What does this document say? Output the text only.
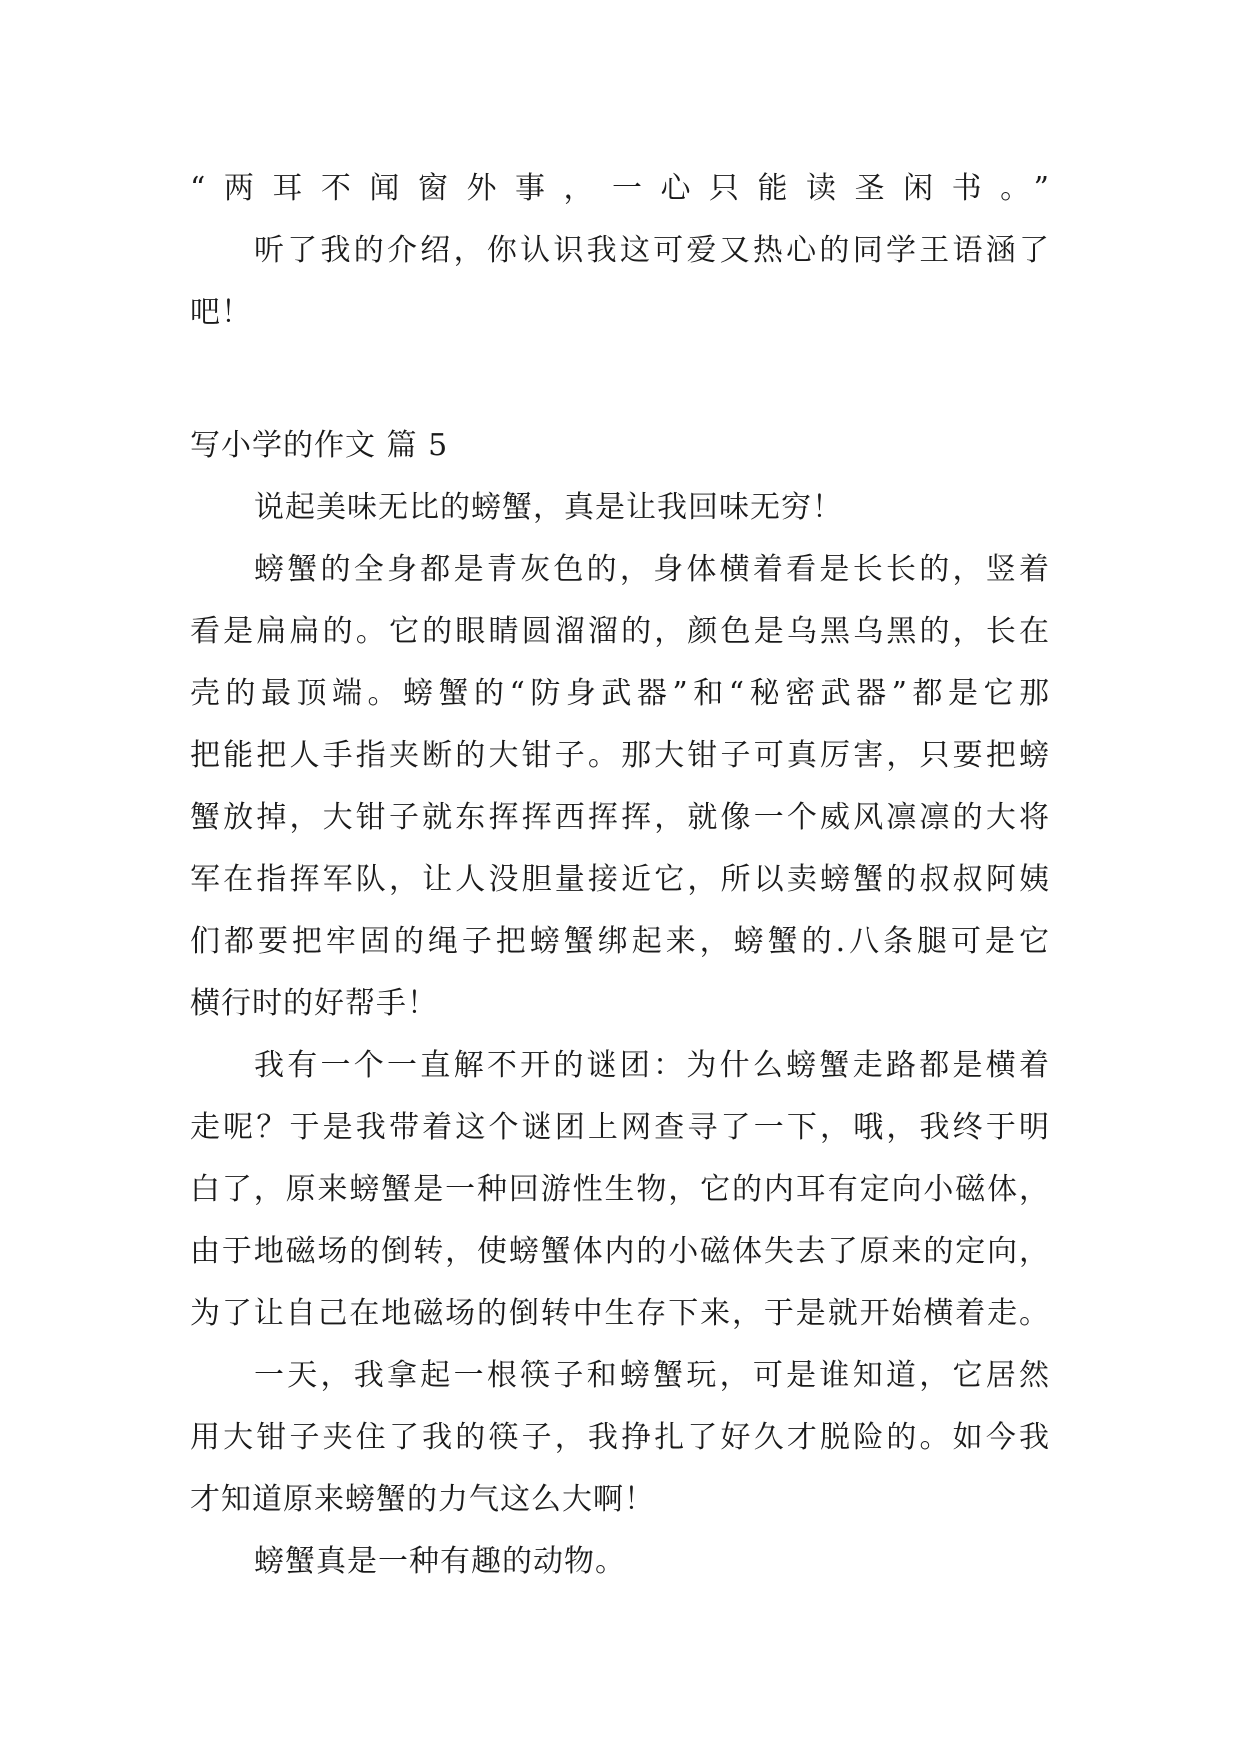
“两耳不闻窗外事，一心只能读圣闲书。”
听了我的介绍，你认识我这可爱又热心的同学王语涵了
吧！
写小学的作文 篇 5
说起美味无比的螃蟹，真是让我回味无穷！
螃蟹的全身都是青灰色的，身体横着看是长长的，竖着
看是扁扁的。它的眼睛圆溜溜的，颜色是乌黑乌黑的，长在
壳的最顶端。螃蟹的“防身武器”和“秘密武器”都是它那
把能把人手指夹断的大钳子。那大钳子可真厉害，只要把螃
蟹放掉，大钳子就东挥挥西挥挥，就像一个威风凛凛的大将
军在指挥军队，让人没胆量接近它，所以卖螃蟹的叔叔阿姨
们都要把牢固的绳子把螃蟹绑起来，螃蟹的.八条腿可是它
横行时的好帮手！
我有一个一直解不开的谜团：为什么螃蟹走路都是横着
走呢？于是我带着这个谜团上网查寻了一下，哦，我终于明
白了，原来螃蟹是一种回游性生物，它的内耳有定向小磁体，
由于地磁场的倒转，使螃蟹体内的小磁体失去了原来的定向，
为了让自己在地磁场的倒转中生存下来，于是就开始横着走。
一天，我拿起一根筷子和螃蟹玩，可是谁知道，它居然
用大钳子夹住了我的筷子，我挣扎了好久才脱险的。如今我
才知道原来螃蟹的力气这么大啊！
螃蟹真是一种有趣的动物。
